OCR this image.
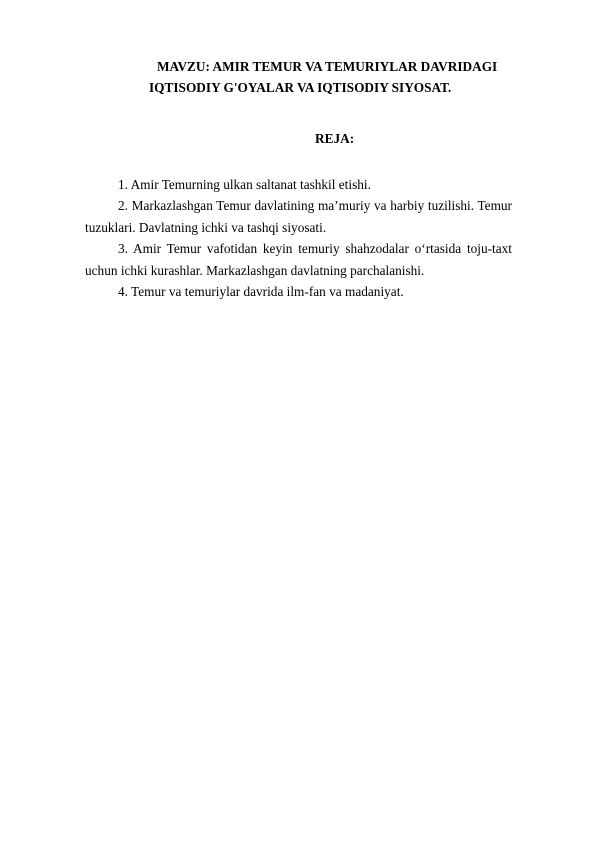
MAVZU: AMIR TEMUR VA TEMURIYLAR DAVRIDAGI
IQTISODIY G'OYALAR VA IQTISODIY SIYOSAT.
REJA:

1. Amir Temurning ulkan saltanat tashkil etishi.

2. Markazlashgan Temur davlatining ma’muriy va harbiy tuzilishi. Temur tuzuklari. Davlatning ichki va tashqi siyosati.

3. Amir Temur vafotidan keyin temuriy shahzodalar o‘rtasida toju-taxt uchun ichki kurashlar. Markazlashgan davlatning parchalanishi.

4. Temur va temuriylar davrida ilm-fan va madaniyat.
